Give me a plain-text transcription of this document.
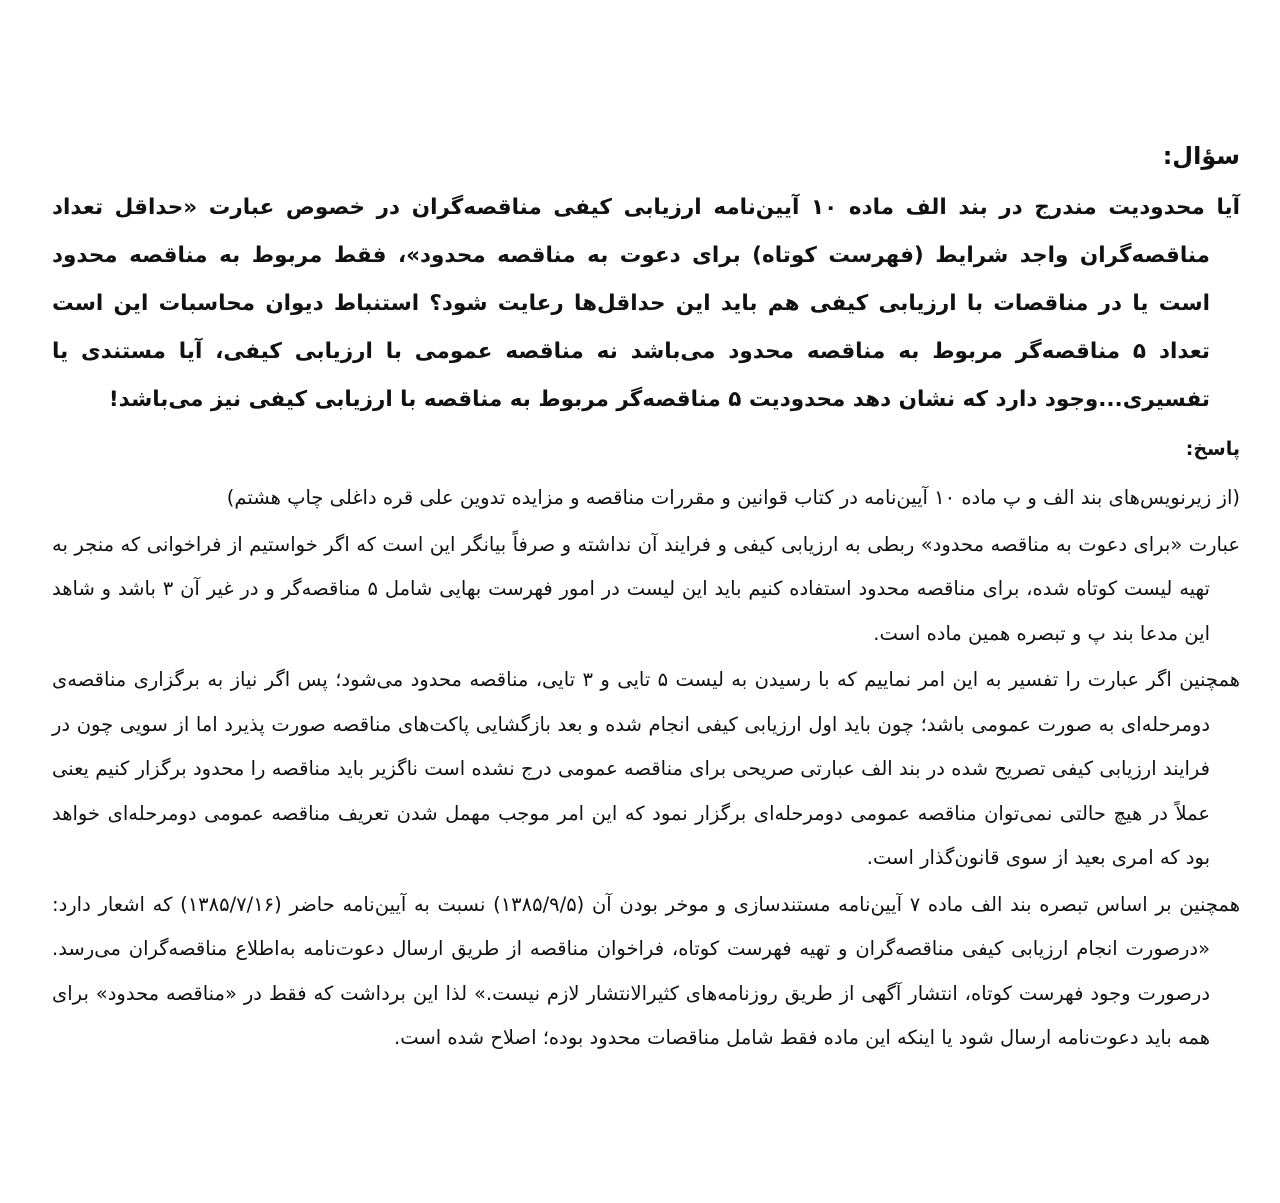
سؤال:

آیا محدودیت مندرج در بند الف ماده ۱۰ آیین‌نامه ارزیابی کیفی مناقصه‌گران در خصوص عبارت «حداقل تعداد مناقصه‌گران واجد شرایط (فهرست کوتاه) برای دعوت به مناقصه محدود»، فقط مربوط به مناقصه محدود است یا در مناقصات با ارزیابی کیفی هم باید این حداقل‌ها رعایت شود؟ استنباط دیوان محاسبات این است تعداد ۵ مناقصه‌گر مربوط به مناقصه محدود می‌باشد نه مناقصه عمومی با ارزیابی کیفی، آیا مستندی یا تفسیری...وجود دارد که نشان دهد محدودیت ۵ مناقصه‌گر مربوط به مناقصه با ارزیابی کیفی نیز می‌باشد!

پاسخ:

(از زیرنویس‌های بند الف و پ ماده ۱۰ آیین‌نامه در کتاب قوانین و مقررات مناقصه و مزایده تدوین علی قره داغلی چاپ هشتم)

عبارت «برای دعوت به مناقصه محدود» ربطی به ارزیابی کیفی و فرایند آن نداشته و صرفاً بیانگر این است که اگر خواستیم از فراخوانی که منجر به تهیه لیست کوتاه شده، برای مناقصه محدود استفاده کنیم باید این لیست در امور فهرست بهایی شامل ۵ مناقصه‌گر و در غیر آن ۳ باشد و شاهد این مدعا بند پ و تبصره همین ماده است.

همچنین اگر عبارت را تفسیر به این امر نماییم که با رسیدن به لیست ۵ تایی و ۳ تایی، مناقصه محدود می‌شود؛ پس اگر نیاز به برگزاری مناقصه‌ی دومرحله‌ای به صورت عمومی باشد؛ چون باید اول ارزیابی کیفی انجام شده و بعد بازگشایی پاکت‌های مناقصه صورت پذیرد اما از سویی چون در فرایند ارزیابی کیفی تصریح شده در بند الف عبارتی صریحی برای مناقصه عمومی درج نشده است ناگزیر باید مناقصه را محدود برگزار کنیم یعنی عملاً در هیچ حالتی نمی‌توان مناقصه عمومی دومرحله‌ای برگزار نمود که این امر موجب مهمل شدن تعریف مناقصه عمومی دومرحله‌ای خواهد بود که امری بعید از سوی قانون‌گذار است.

همچنین بر اساس تبصره بند الف ماده ۷ آیین‌نامه مستندسازی و موخر بودن آن (۱۳۸۵/۹/۵) نسبت به آیین‌نامه حاضر (۱۳۸۵/۷/۱۶) که اشعار دارد: «درصورت انجام ارزیابی کیفی مناقصه‌گران و تهیه فهرست کوتاه، فراخوان مناقصه از طریق ارسال دعوت‌نامه به‌اطلاع مناقصه‌گران می‌رسد. درصورت وجود فهرست کوتاه، انتشار آگهی از طریق روزنامه‌های کثیرالانتشار لازم نیست.» لذا این برداشت که فقط در «مناقصه محدود» برای همه باید دعوت‌نامه ارسال شود یا اینکه این ماده فقط شامل مناقصات محدود بوده؛ اصلاح شده است.
